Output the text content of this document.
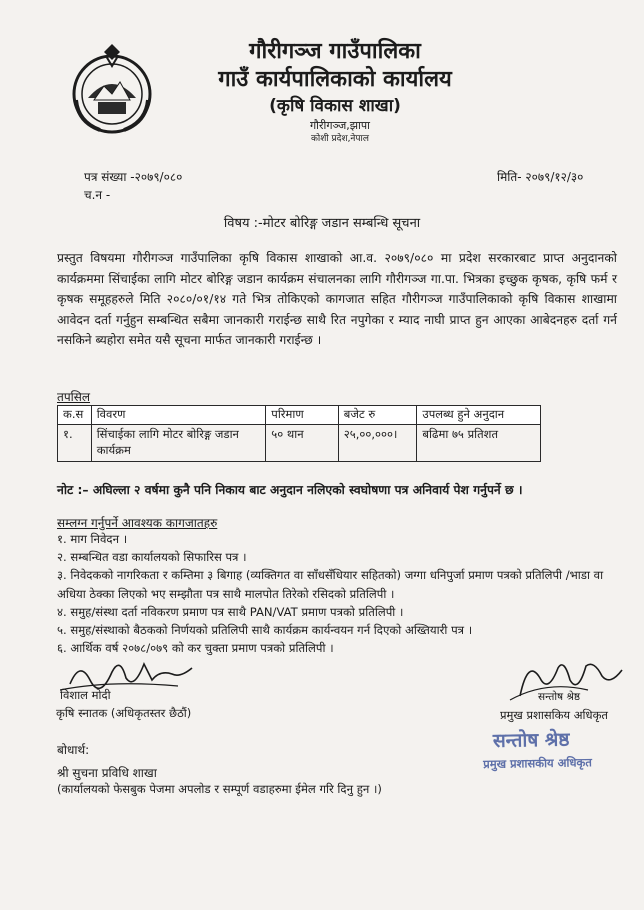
गौरीगञ्ज गाउँपालिका
गाउँ कार्यपालिकाको कार्यालय
(कृषि विकास शाखा)
गौरीगञ्ज,झापा
कोशी प्रदेश,नेपाल
पत्र संख्या -२०७९/०८०
च.न -
मिति- २०७९/१२/३०
विषय :-मोटर बोरिङ्ग जडान सम्बन्धि सूचना
प्रस्तुत विषयमा गौरीगञ्ज गाउँपालिका कृषि विकास शाखाको आ.व. २०७९/०८० मा प्रदेश सरकारबाट प्राप्त अनुदानको कार्यक्रममा सिंचाईका लागि मोटर बोरिङ्ग जडान कार्यक्रम संचालनका लागि गौरीगञ्ज गा.पा. भित्रका इच्छुक कृषक, कृषि फर्म र कृषक समूहहरुले मिति २०८०/०१/१४ गते भित्र तोकिएको कागजात सहित गौरीगञ्ज गाउँपालिकाको कृषि विकास शाखामा आवेदन दर्ता गर्नुहुन सम्बन्धित सबैमा जानकारी गराईन्छ साथै रित नपुगेका र म्याद नाघी प्राप्त हुन आएका आबेदनहरु दर्ता गर्न नसकिने ब्यहोरा समेत यसै सूचना मार्फत जानकारी गराईन्छ ।
तपसिल
क.स	विवरण	परिमाण	बजेट रु	उपलब्ध हुने अनुदान
१.	सिंचाईका लागि मोटर बोरिङ्ग जडान कार्यक्रम	५० थान	२५,००,०००।	बढिमा ७५ प्रतिशत
नोट :– अघिल्ला २ वर्षमा कुनै पनि निकाय बाट अनुदान नलिएको स्वघोषणा पत्र अनिवार्य पेश गर्नुपर्ने छ ।
सम्लग्न गर्नुपर्ने आवश्यक कागजातहरु
१. माग निवेदन ।
२. सम्बन्धित वडा कार्यालयको सिफारिस पत्र ।
३. निवेदकको नागरिकता र कम्तिमा ३ बिगाह (व्यक्तिगत वा साँधसँधियार सहितको) जग्गा धनिपुर्जा प्रमाण पत्रको प्रतिलिपी /भाडा वा अधिया ठेक्का लिएको भए सम्झौता पत्र साथै मालपोत तिरेको रसिदको प्रतिलिपी ।
४. समुह/संस्था दर्ता नविकरण प्रमाण पत्र साथै PAN/VAT प्रमाण पत्रको प्रतिलिपी ।
५. समुह/संस्थाको बैठकको निर्णयको प्रतिलिपी साथै कार्यक्रम कार्यन्वयन गर्न दिएको अख्तियारी पत्र ।
६. आर्थिक वर्ष २०७८/०७९ को कर चुक्ता प्रमाण पत्रको प्रतिलिपी ।
विशाल मोदी
कृषि स्नातक (अधिकृतस्तर छैठौं)
सन्तोष श्रेष्ठ
प्रमुख प्रशासकिय अधिकृत
सन्तोष श्रेष्ठ
प्रमुख प्रशासकीय अधिकृत
बोधार्थ:
श्री सुचना प्रविधि शाखा
(कार्यालयको फेसबुक पेजमा अपलोड र सम्पूर्ण वडाहरुमा ईमेल गरि दिनु हुन ।)
